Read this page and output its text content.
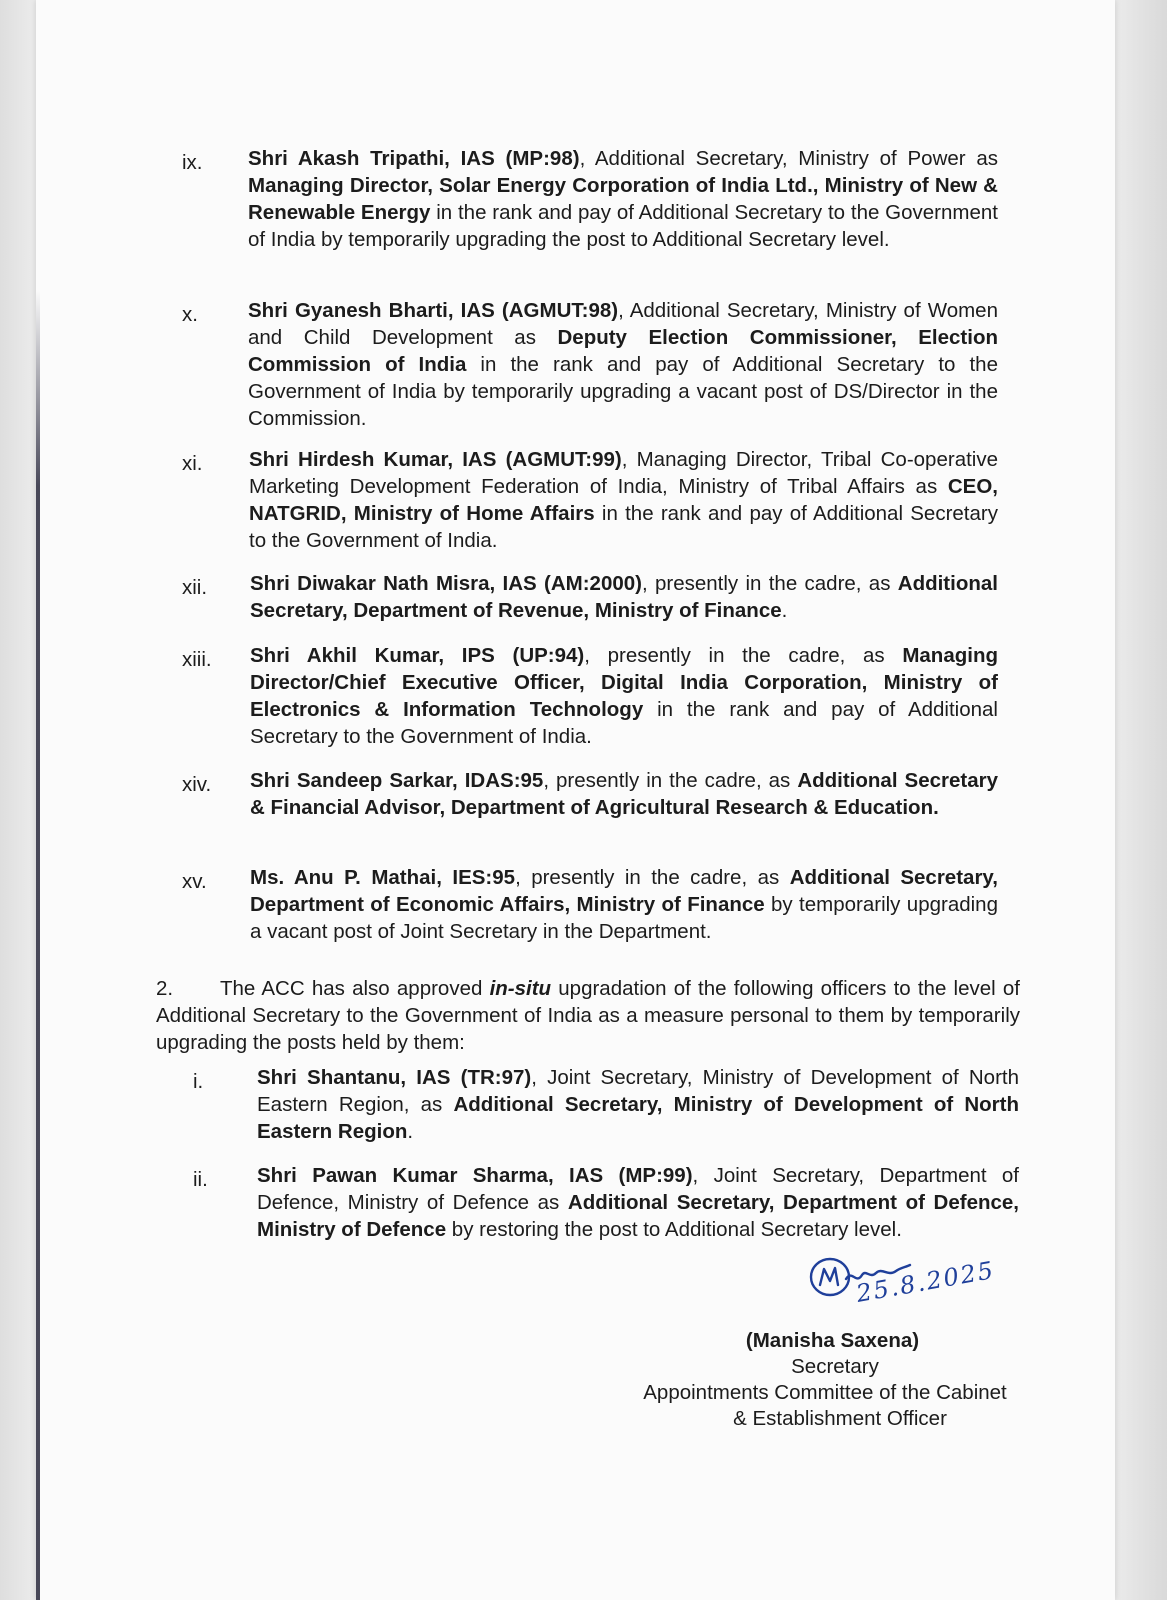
ix. Shri Akash Tripathi, IAS (MP:98), Additional Secretary, Ministry of Power as Managing Director, Solar Energy Corporation of India Ltd., Ministry of New & Renewable Energy in the rank and pay of Additional Secretary to the Government of India by temporarily upgrading the post to Additional Secretary level.
x. Shri Gyanesh Bharti, IAS (AGMUT:98), Additional Secretary, Ministry of Women and Child Development as Deputy Election Commissioner, Election Commission of India in the rank and pay of Additional Secretary to the Government of India by temporarily upgrading a vacant post of DS/Director in the Commission.
xi. Shri Hirdesh Kumar, IAS (AGMUT:99), Managing Director, Tribal Co-operative Marketing Development Federation of India, Ministry of Tribal Affairs as CEO, NATGRID, Ministry of Home Affairs in the rank and pay of Additional Secretary to the Government of India.
xii. Shri Diwakar Nath Misra, IAS (AM:2000), presently in the cadre, as Additional Secretary, Department of Revenue, Ministry of Finance.
xiii. Shri Akhil Kumar, IPS (UP:94), presently in the cadre, as Managing Director/Chief Executive Officer, Digital India Corporation, Ministry of Electronics & Information Technology in the rank and pay of Additional Secretary to the Government of India.
xiv. Shri Sandeep Sarkar, IDAS:95, presently in the cadre, as Additional Secretary & Financial Advisor, Department of Agricultural Research & Education.
xv. Ms. Anu P. Mathai, IES:95, presently in the cadre, as Additional Secretary, Department of Economic Affairs, Ministry of Finance by temporarily upgrading a vacant post of Joint Secretary in the Department.
2. The ACC has also approved in-situ upgradation of the following officers to the level of Additional Secretary to the Government of India as a measure personal to them by temporarily upgrading the posts held by them:
i.	Shri Shantanu, IAS (TR:97), Joint Secretary, Ministry of Development of North Eastern Region, as Additional Secretary, Ministry of Development of North Eastern Region.
ii. Shri Pawan Kumar Sharma, IAS (MP:99), Joint Secretary, Department of Defence, Ministry of Defence as Additional Secretary, Department of Defence, Ministry of Defence by restoring the post to Additional Secretary level.
25.8.2025
(Manisha Saxena)
Secretary
Appointments Committee of the Cabinet
& Establishment Officer
